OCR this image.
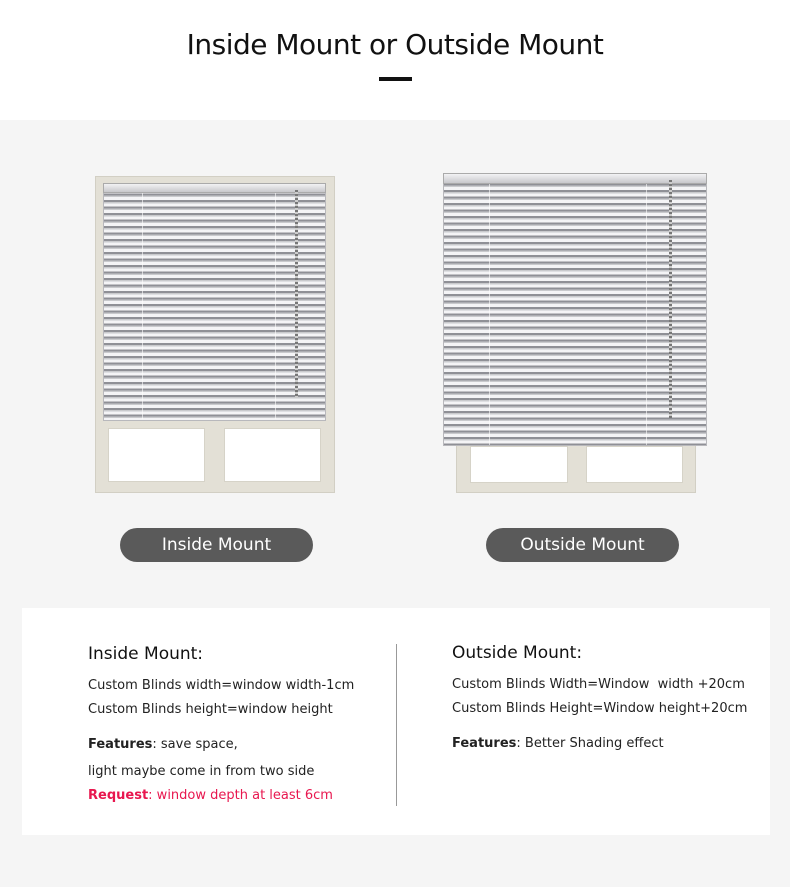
Inside Mount or Outside Mount
Inside Mount	Outside Mount
Inside Mount:
Custom Blinds width=window width-1cm
Custom Blinds height=window height
Features: save space,
light maybe come in from two side
Request: window depth at least 6cm
Outside Mount:
Custom Blinds Width=Window  width +20cm
Custom Blinds Height=Window height+20cm
Features: Better Shading effect
